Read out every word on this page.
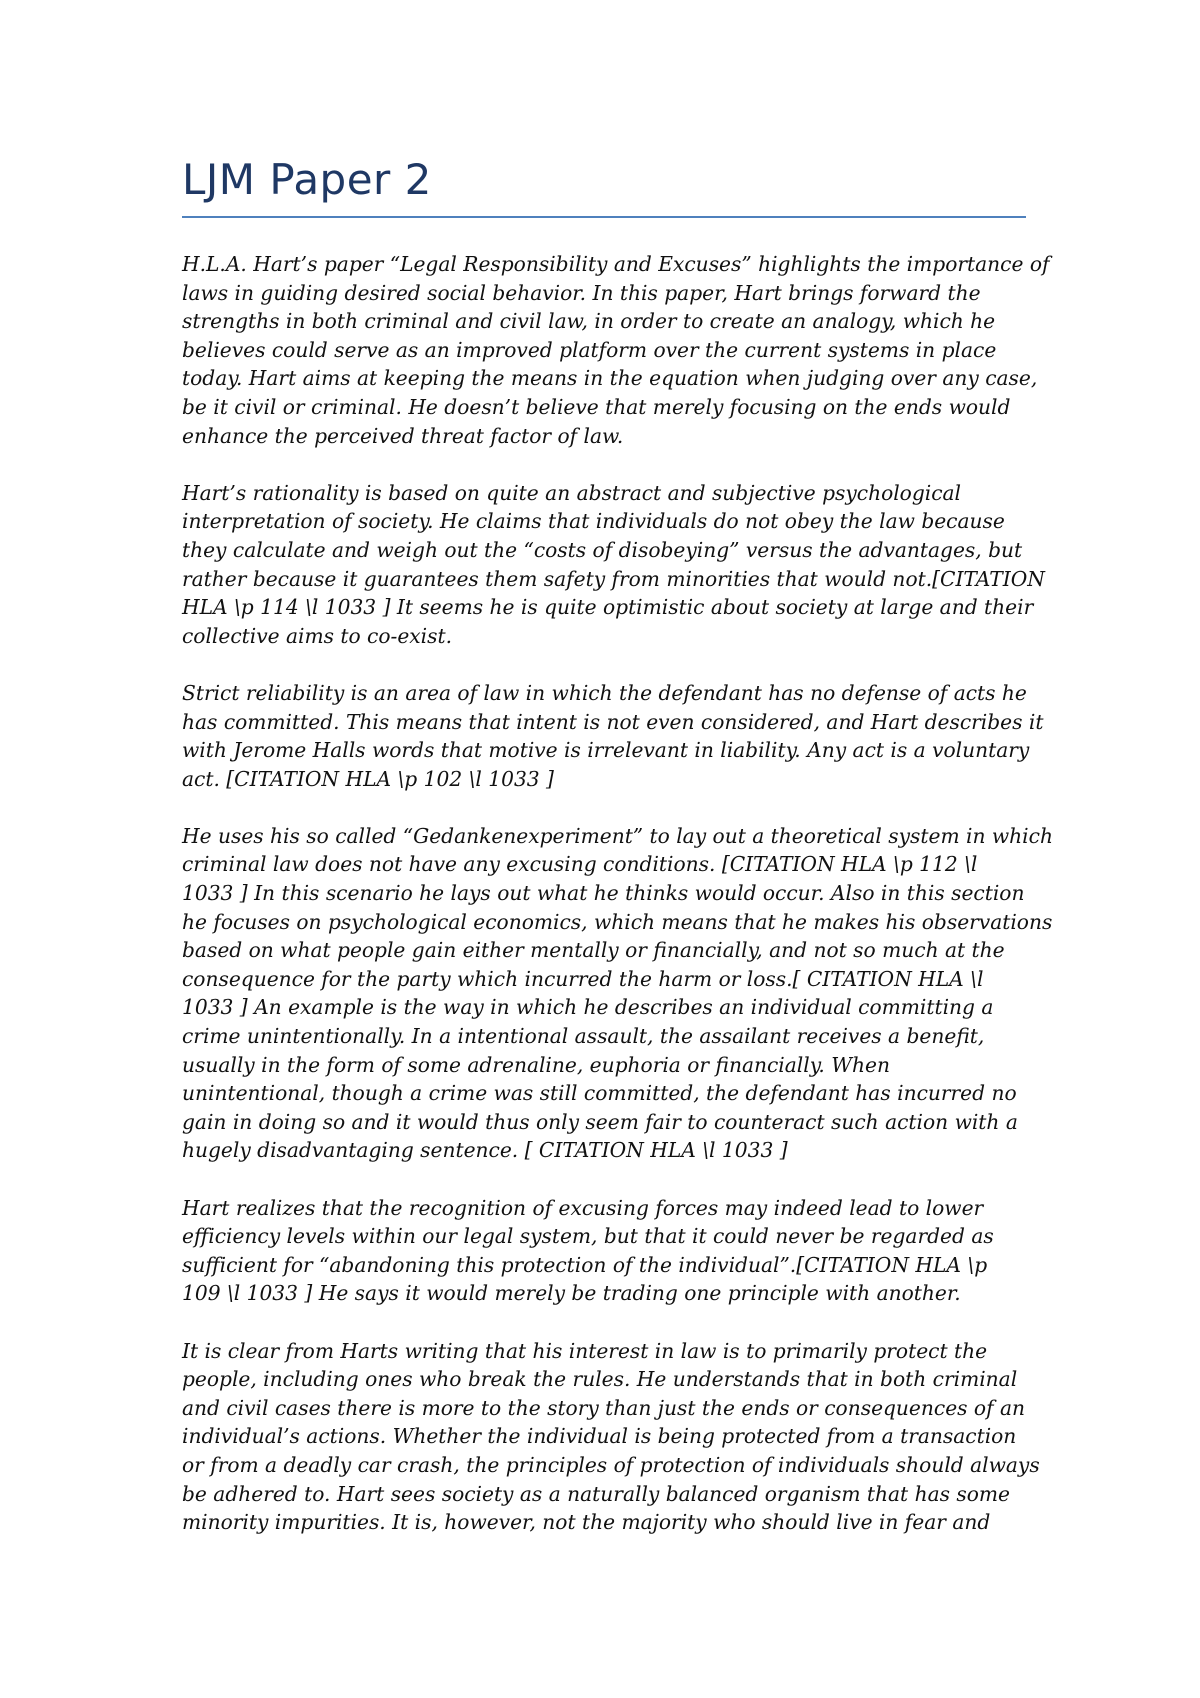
LJM Paper 2

H.L.A. Hart’s paper “Legal Responsibility and Excuses” highlights the importance of
laws in guiding desired social behavior. In this paper, Hart brings forward the
strengths in both criminal and civil law, in order to create an analogy, which he
believes could serve as an improved platform over the current systems in place
today. Hart aims at keeping the means in the equation when judging over any case,
be it civil or criminal. He doesn’t believe that merely focusing on the ends would
enhance the perceived threat factor of law.

Hart’s rationality is based on quite an abstract and subjective psychological
interpretation of society. He claims that individuals do not obey the law because
they calculate and weigh out the “costs of disobeying” versus the advantages, but
rather because it guarantees them safety from minorities that would not.[CITATION
HLA \p 114 \l 1033 ] It seems he is quite optimistic about society at large and their
collective aims to co-exist.

Strict reliability is an area of law in which the defendant has no defense of acts he
has committed. This means that intent is not even considered, and Hart describes it
with Jerome Halls words that motive is irrelevant in liability. Any act is a voluntary
act. [CITATION HLA \p 102 \l 1033 ]

He uses his so called “Gedankenexperiment” to lay out a theoretical system in which
criminal law does not have any excusing conditions. [CITATION HLA \p 112 \l
1033 ] In this scenario he lays out what he thinks would occur. Also in this section
he focuses on psychological economics, which means that he makes his observations
based on what people gain either mentally or financially, and not so much at the
consequence for the party which incurred the harm or loss.[ CITATION HLA \l
1033 ] An example is the way in which he describes an individual committing a
crime unintentionally. In a intentional assault, the assailant receives a benefit,
usually in the form of some adrenaline, euphoria or financially. When
unintentional, though a crime was still committed, the defendant has incurred no
gain in doing so and it would thus only seem fair to counteract such action with a
hugely disadvantaging sentence. [ CITATION HLA \l 1033 ]

Hart realizes that the recognition of excusing forces may indeed lead to lower
efficiency levels within our legal system, but that it could never be regarded as
sufficient for “abandoning this protection of the individual”.[CITATION HLA \p
109 \l 1033 ] He says it would merely be trading one principle with another.

It is clear from Harts writing that his interest in law is to primarily protect the
people, including ones who break the rules. He understands that in both criminal
and civil cases there is more to the story than just the ends or consequences of an
individual’s actions. Whether the individual is being protected from a transaction
or from a deadly car crash, the principles of protection of individuals should always
be adhered to. Hart sees society as a naturally balanced organism that has some
minority impurities. It is, however, not the majority who should live in fear and
